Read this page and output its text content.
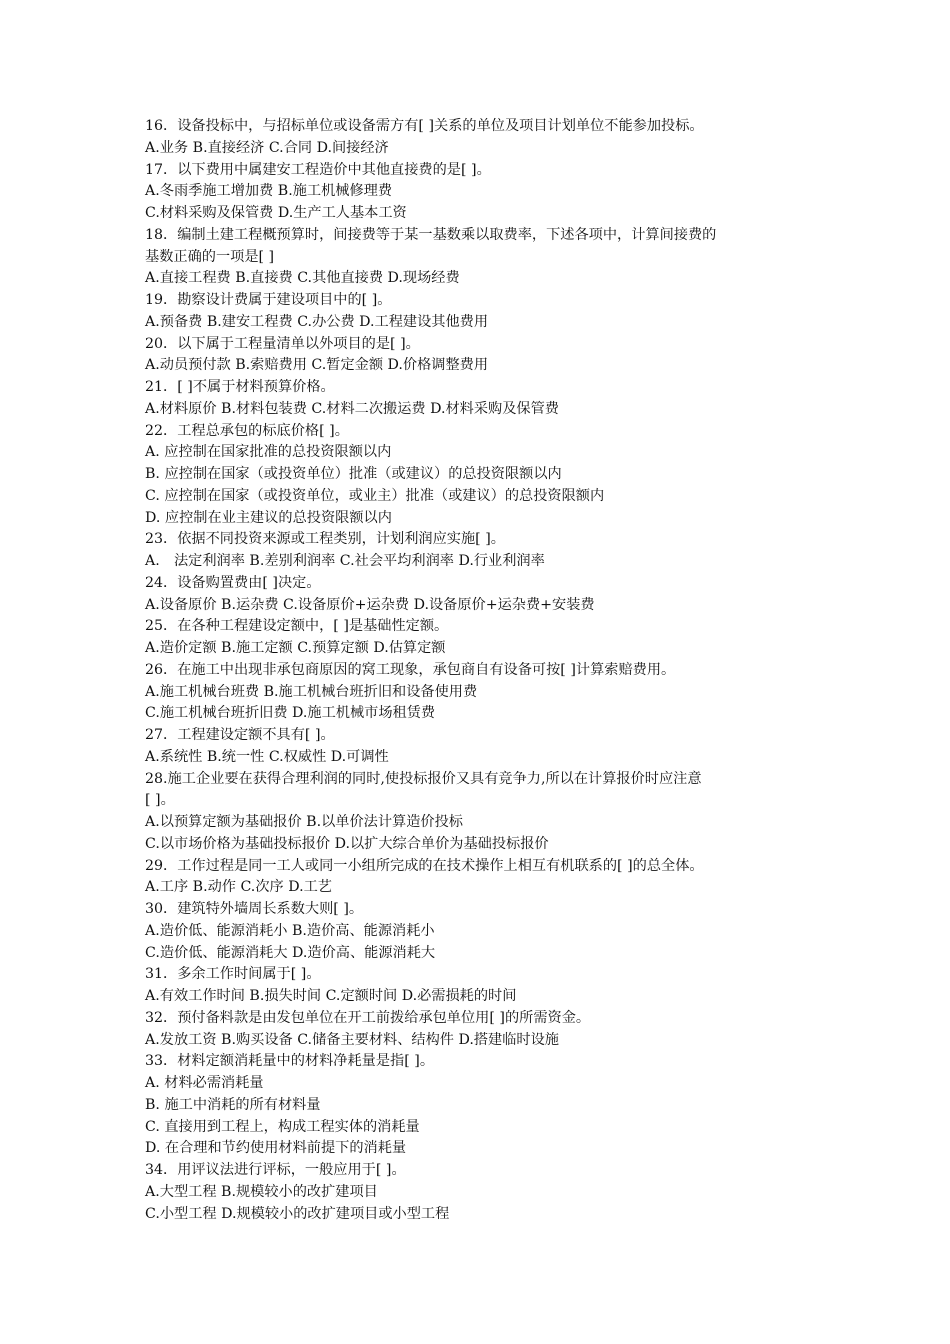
16．设备投标中，与招标单位或设备需方有[ ]关系的单位及项目计划单位不能参加投标。

A.业务 B.直接经济 C.合同 D.间接经济

17．以下费用中属建安工程造价中其他直接费的是[ ]。

A.冬雨季施工增加费 B.施工机械修理费

C.材料采购及保管费 D.生产工人基本工资

18．编制土建工程概预算时，间接费等于某一基数乘以取费率，下述各项中，计算间接费的

基数正确的一项是[ ]

A.直接工程费 B.直接费 C.其他直接费 D.现场经费

19．勘察设计费属于建设项目中的[ ]。

A.预备费 B.建安工程费 C.办公费 D.工程建设其他费用

20．以下属于工程量清单以外项目的是[ ]。

A.动员预付款 B.索赔费用 C.暂定金额 D.价格调整费用

21．[ ]不属于材料预算价格。

A.材料原价 B.材料包装费 C.材料二次搬运费 D.材料采购及保管费

22．工程总承包的标底价格[ ]。

A. 应控制在国家批准的总投资限额以内

B. 应控制在国家（或投资单位）批准（或建议）的总投资限额以内

C. 应控制在国家（或投资单位，或业主）批准（或建议）的总投资限额内

D. 应控制在业主建议的总投资限额以内

23．依据不同投资来源或工程类别，计划利润应实施[ ]。

A.　法定利润率 B.差别利润率 C.社会平均利润率 D.行业利润率

24．设备购置费由[ ]决定。

A.设备原价 B.运杂费 C.设备原价+运杂费 D.设备原价+运杂费+安装费

25．在各种工程建设定额中，[ ]是基础性定额。

A.造价定额 B.施工定额 C.预算定额 D.估算定额

26．在施工中出现非承包商原因的窝工现象，承包商自有设备可按[ ]计算索赔费用。

A.施工机械台班费 B.施工机械台班折旧和设备使用费

C.施工机械台班折旧费 D.施工机械市场租赁费

27．工程建设定额不具有[ ]。

A.系统性 B.统一性 C.权威性 D.可调性

28.施工企业要在获得合理利润的同时,使投标报价又具有竞争力,所以在计算报价时应注意

[ ]。

A.以预算定额为基础报价 B.以单价法计算造价投标

C.以市场价格为基础投标报价 D.以扩大综合单价为基础投标报价

29．工作过程是同一工人或同一小组所完成的在技术操作上相互有机联系的[ ]的总全体。

A.工序 B.动作 C.次序 D.工艺

30．建筑特外墙周长系数大则[ ]。

A.造价低、能源消耗小 B.造价高、能源消耗小

C.造价低、能源消耗大 D.造价高、能源消耗大

31．多余工作时间属于[ ]。

A.有效工作时间 B.损失时间 C.定额时间 D.必需损耗的时间

32．预付备料款是由发包单位在开工前拨给承包单位用[ ]的所需资金。

A.发放工资 B.购买设备 C.储备主要材料、结构件 D.搭建临时设施

33．材料定额消耗量中的材料净耗量是指[ ]。

A. 材料必需消耗量

B. 施工中消耗的所有材料量

C. 直接用到工程上，构成工程实体的消耗量

D. 在合理和节约使用材料前提下的消耗量

34．用评议法进行评标，一般应用于[ ]。

A.大型工程 B.规模较小的改扩建项目

C.小型工程 D.规模较小的改扩建项目或小型工程
